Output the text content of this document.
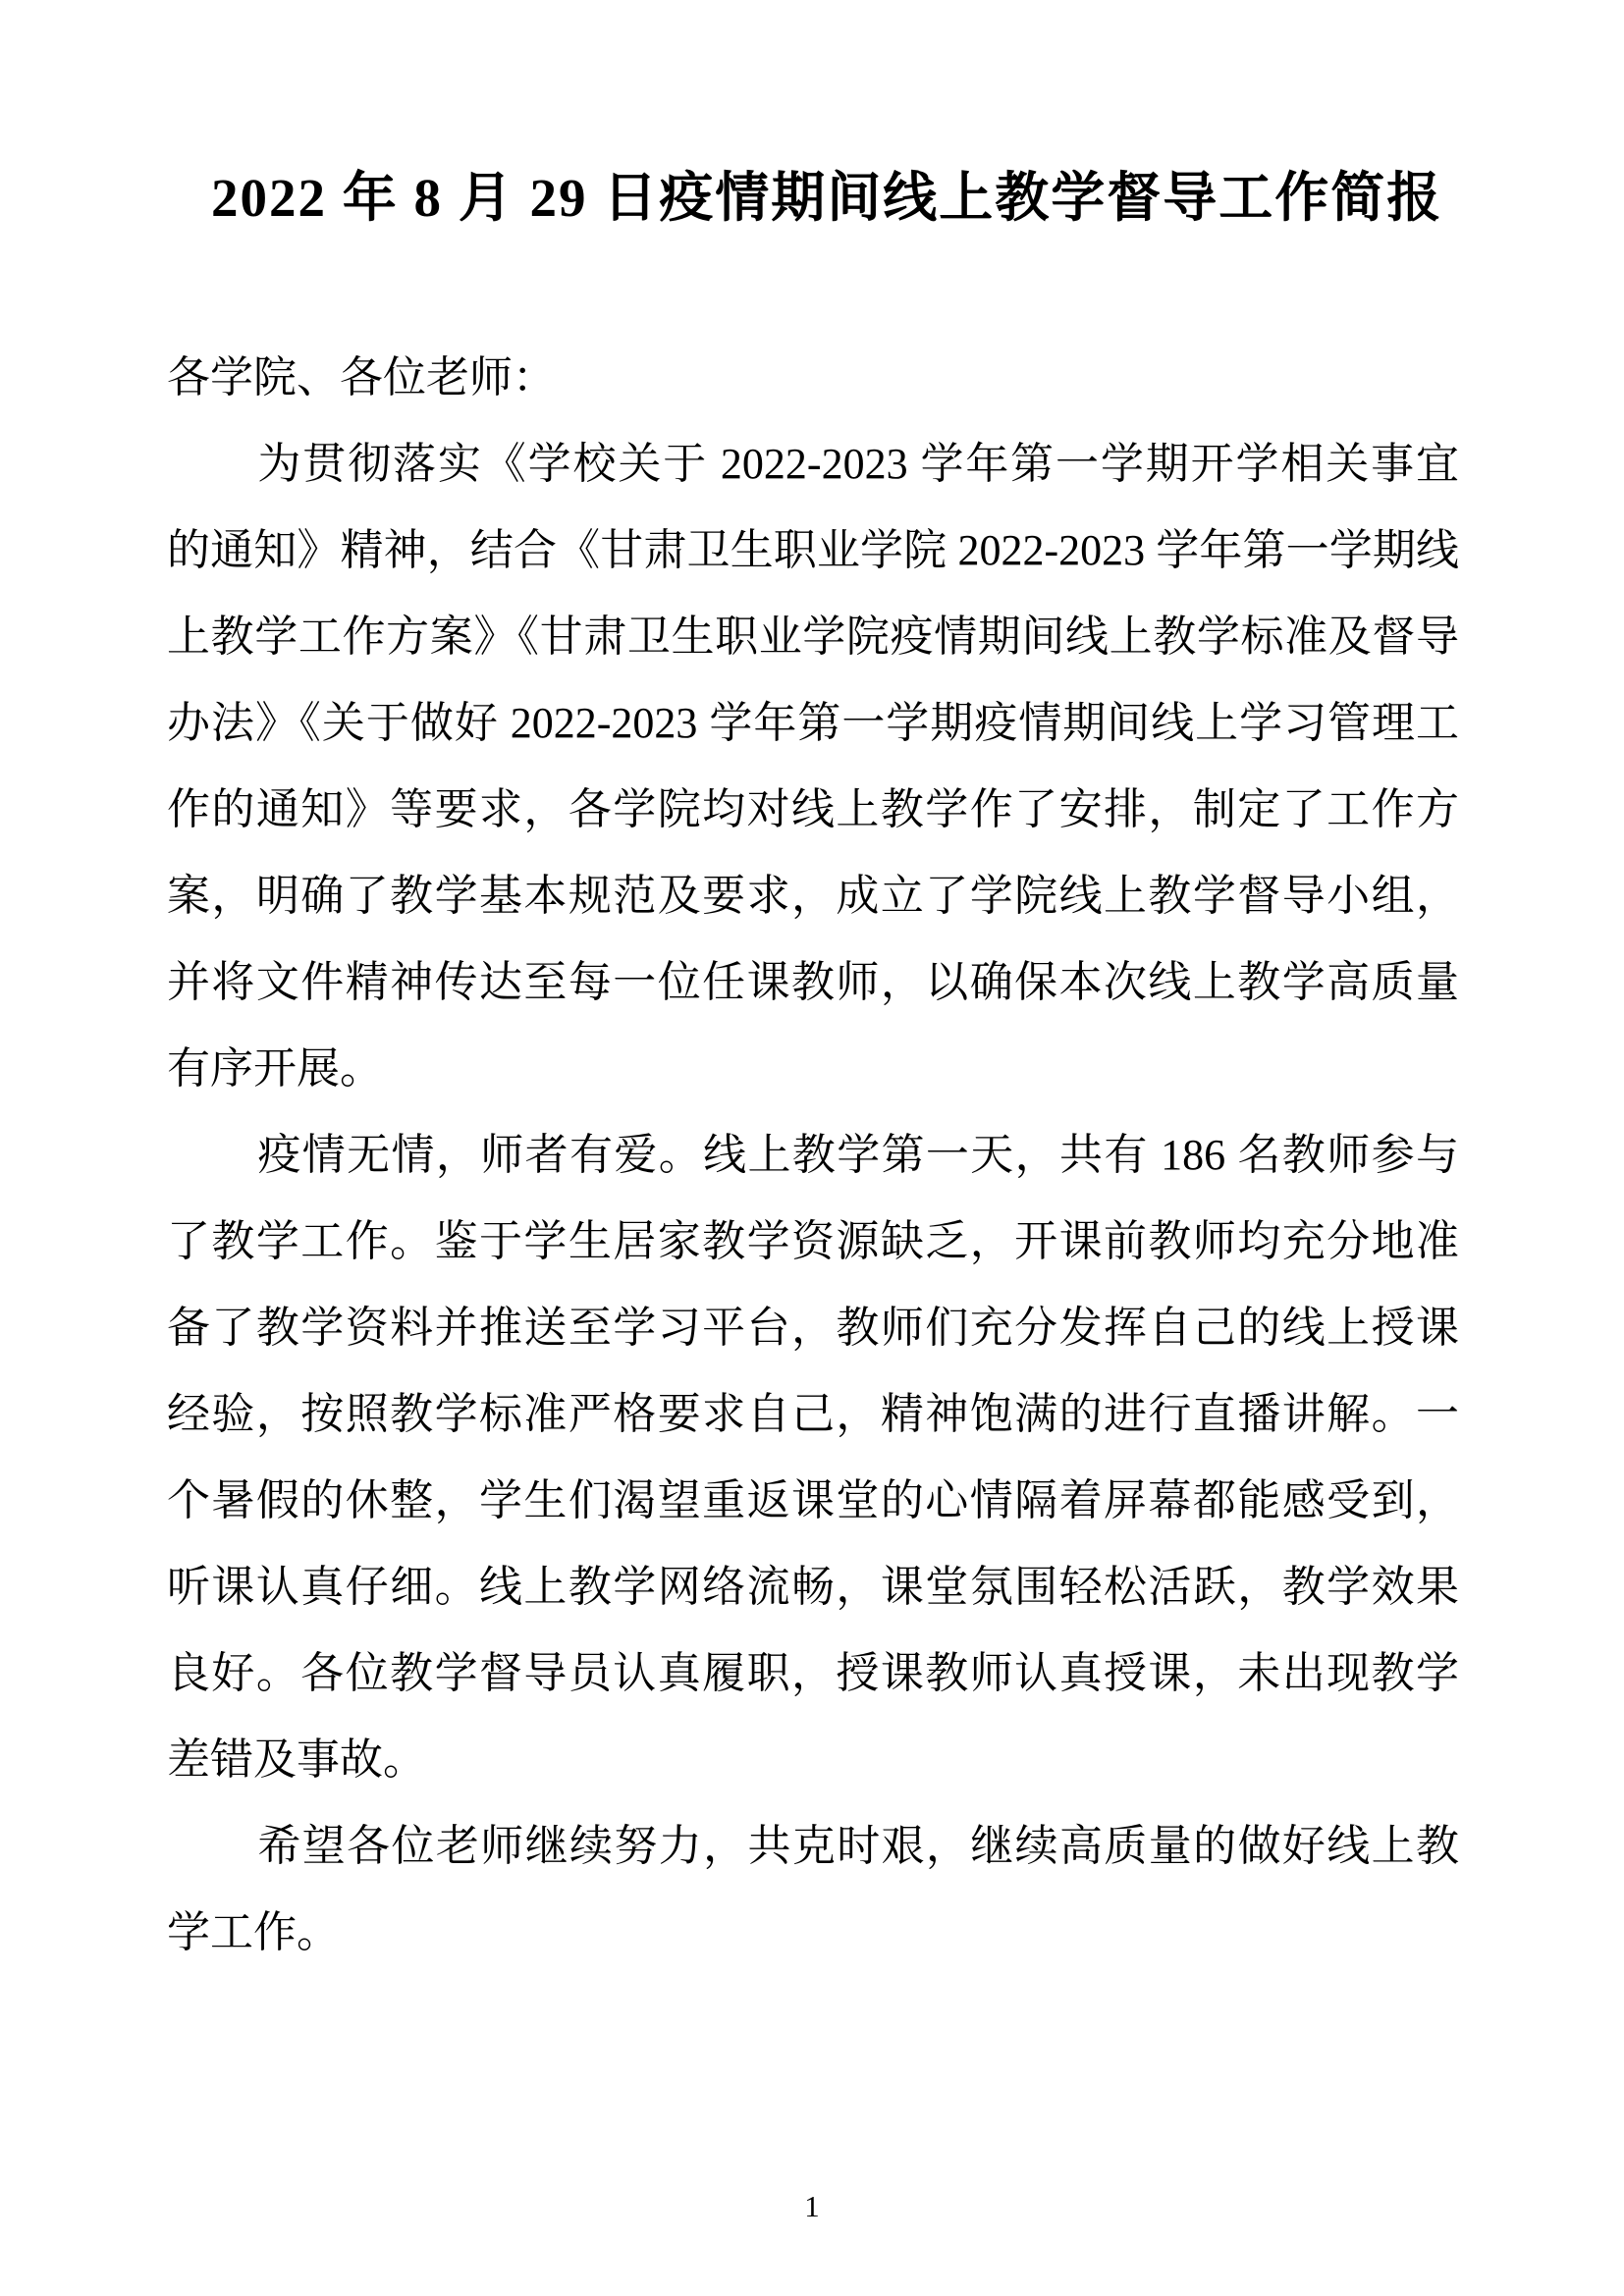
2022 年 8 月 29 日疫情期间线上教学督导工作简报

各学院、各位老师：

为贯彻落实《学校关于 2022-2023 学年第一学期开学相关事宜的通知》精神，结合《甘肃卫生职业学院 2022-2023 学年第一学期线上教学工作方案》《甘肃卫生职业学院疫情期间线上教学标准及督导办法》《关于做好 2022-2023 学年第一学期疫情期间线上学习管理工作的通知》等要求，各学院均对线上教学作了安排，制定了工作方案，明确了教学基本规范及要求，成立了学院线上教学督导小组，并将文件精神传达至每一位任课教师，以确保本次线上教学高质量有序开展。

疫情无情，师者有爱。线上教学第一天，共有 186 名教师参与了教学工作。鉴于学生居家教学资源缺乏，开课前教师均充分地准备了教学资料并推送至学习平台，教师们充分发挥自己的线上授课经验，按照教学标准严格要求自己，精神饱满的进行直播讲解。一个暑假的休整，学生们渴望重返课堂的心情隔着屏幕都能感受到，听课认真仔细。线上教学网络流畅，课堂氛围轻松活跃，教学效果良好。各位教学督导员认真履职，授课教师认真授课，未出现教学差错及事故。

希望各位老师继续努力，共克时艰，继续高质量的做好线上教学工作。

1
